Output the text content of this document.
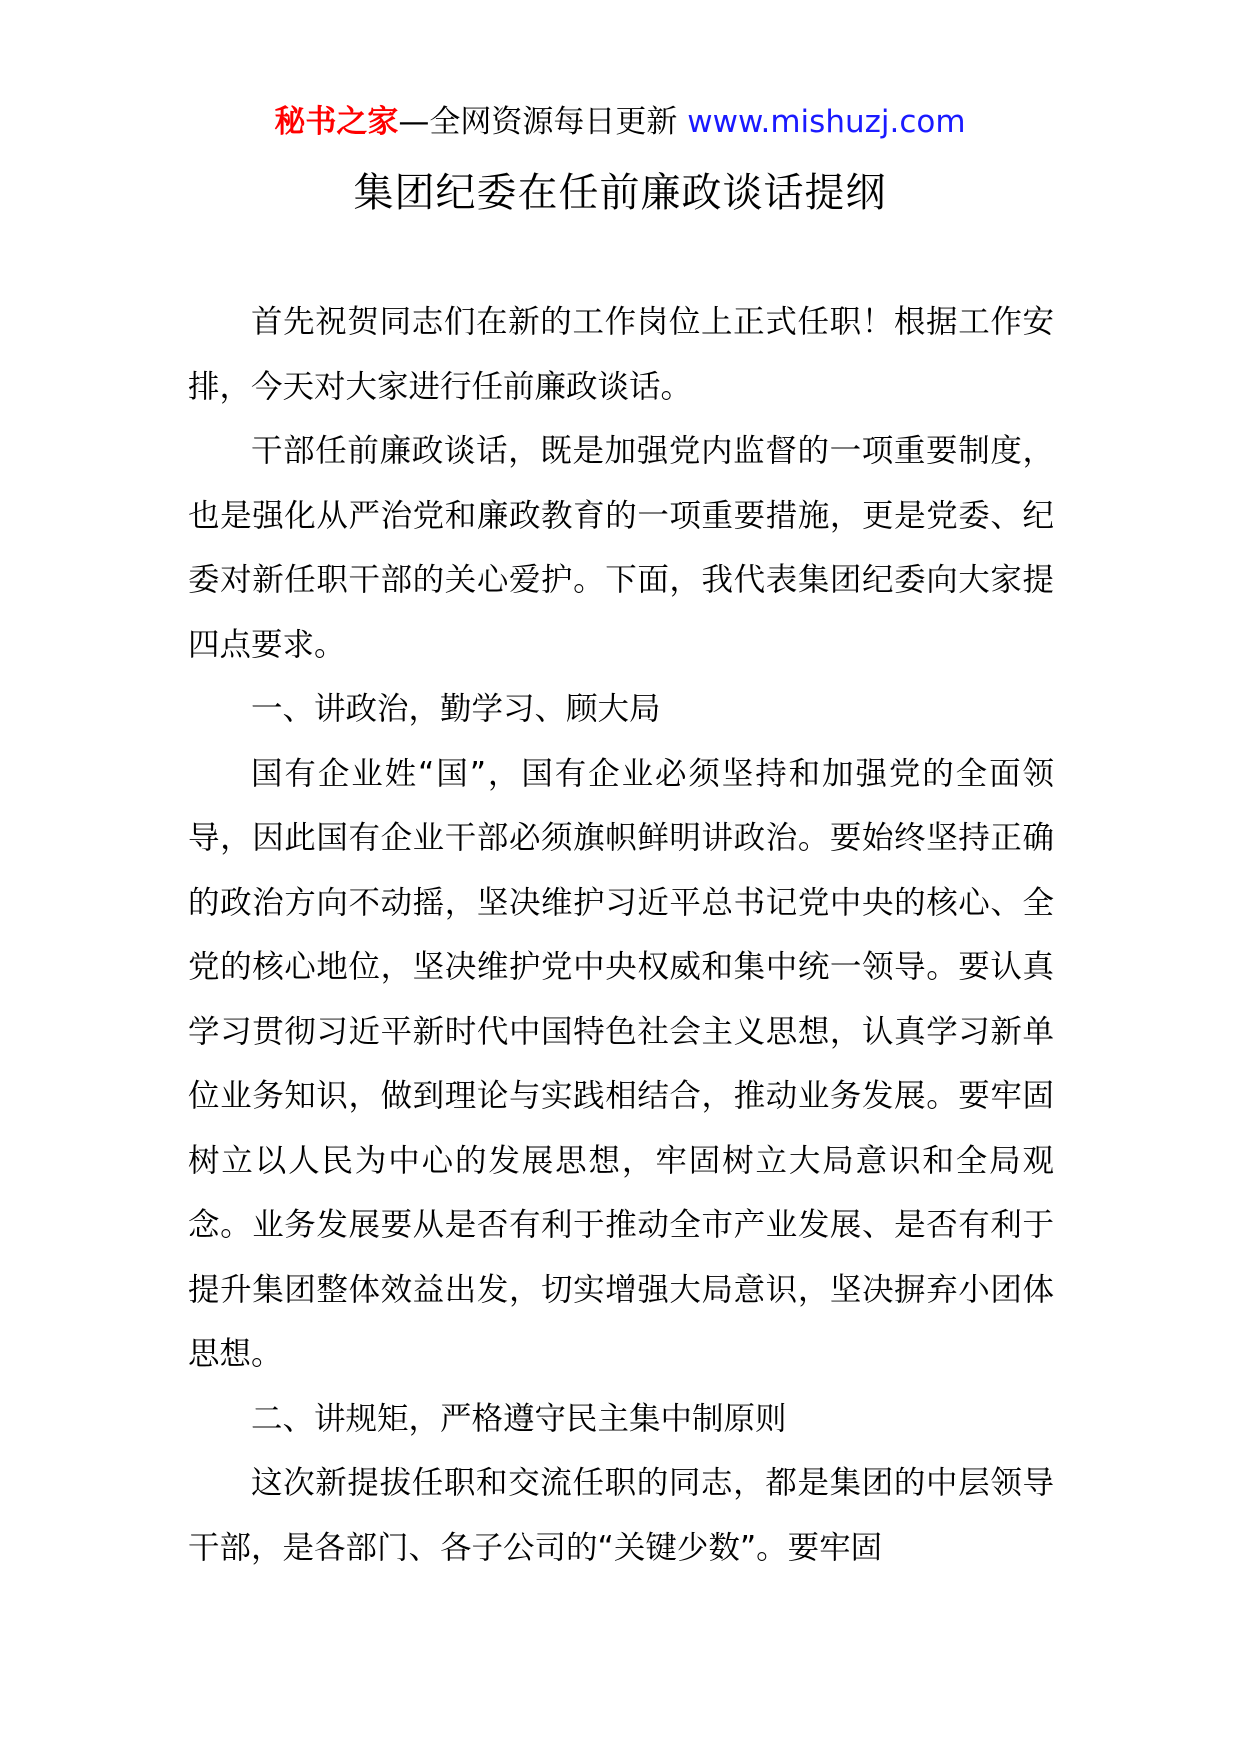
秘书之家—全网资源每日更新 www.mishuzj.com
集团纪委在任前廉政谈话提纲

首先祝贺同志们在新的工作岗位上正式任职！根据工作安排，今天对大家进行任前廉政谈话。

干部任前廉政谈话，既是加强党内监督的一项重要制度，也是强化从严治党和廉政教育的一项重要措施，更是党委、纪委对新任职干部的关心爱护。下面，我代表集团纪委向大家提四点要求。

一、讲政治，勤学习、顾大局

国有企业姓“国”，国有企业必须坚持和加强党的全面领导，因此国有企业干部必须旗帜鲜明讲政治。要始终坚持正确的政治方向不动摇，坚决维护习近平总书记党中央的核心、全党的核心地位，坚决维护党中央权威和集中统一领导。要认真学习贯彻习近平新时代中国特色社会主义思想，认真学习新单位业务知识，做到理论与实践相结合，推动业务发展。要牢固树立以人民为中心的发展思想，牢固树立大局意识和全局观念。业务发展要从是否有利于推动全市产业发展、是否有利于提升集团整体效益出发，切实增强大局意识，坚决摒弃小团体思想。

二、讲规矩，严格遵守民主集中制原则

这次新提拔任职和交流任职的同志，都是集团的中层领导干部，是各部门、各子公司的“关键少数”。要牢固
